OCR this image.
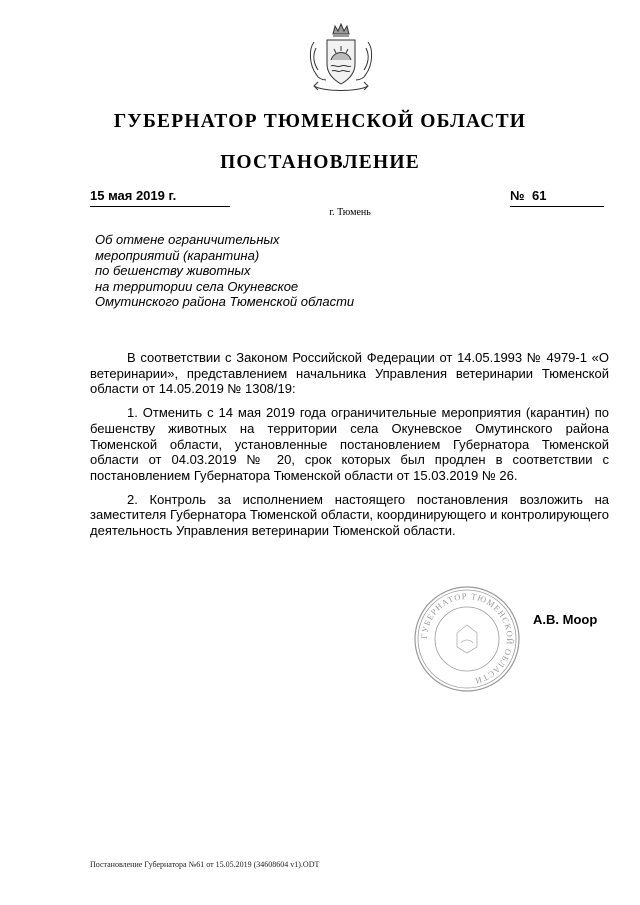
ГУБЕРНАТОР ТЮМЕНСКОЙ ОБЛАСТИ
ПОСТАНОВЛЕНИЕ
15 мая 2019 г.	№ 61
г. Тюмень
Об отмене ограничительных
мероприятий (карантина)
по бешенству животных
на территории села Окуневское
Омутинского района Тюменской области

В соответствии с Законом Российской Федерации от 14.05.1993 № 4979-1 «О ветеринарии», представлением начальника Управления ветеринарии Тюменской области от 14.05.2019 № 1308/19:

1. Отменить с 14 мая 2019 года ограничительные мероприятия (карантин) по бешенству животных на территории села Окуневское Омутинского района Тюменской области, установленные постановлением Губернатора Тюменской области от 04.03.2019 № 20, срок которых был продлен в соответствии с постановлением Губернатора Тюменской области от 15.03.2019 № 26.

2. Контроль за исполнением настоящего постановления возложить на заместителя Губернатора Тюменской области, координирующего и контролирующего деятельность Управления ветеринарии Тюменской области.

ГУБЕРНАТОР ТЮМЕНСКОЙ ОБЛАСТИ
А.В. Моор
Постановление Губернатора №61 от 15.05.2019 (34608604 v1).ODT
